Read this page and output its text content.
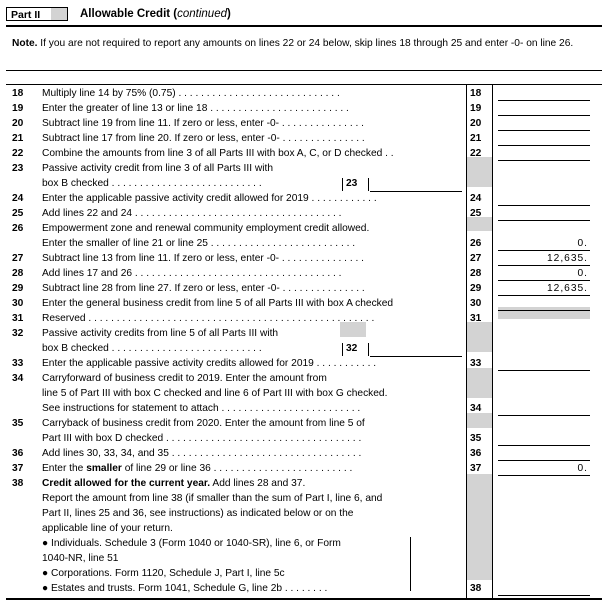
Part II	Allowable Credit (continued)
Note. If you are not required to report any amounts on lines 22 or 24 below, skip lines 18 through 25 and enter -0- on line 26.
18	Multiply line 14 by 75% (0.75) . . . . . . . . . . . . . . . . . . . . . . . . . . . . .	18
19	Enter the greater of line 13 or line 18 . . . . . . . . . . . . . . . . . . . . . . . . .	19
20	Subtract line 19 from line 11. If zero or less, enter -0- . . . . . . . . . . . . . . .	20
21	Subtract line 17 from line 20. If zero or less, enter -0- . . . . . . . . . . . . . . .	21
22	Combine the amounts from line 3 of all Parts III with box A, C, or D checked . .	22
23	Passive activity credit from line 3 of all Parts III with
box B checked . . . . . . . . . . . . . . . . . . . . . . . . . . .	23
24	Enter the applicable passive activity credit allowed for 2019 . . . . . . . . . . . .	24
25	Add lines 22 and 24 . . . . . . . . . . . . . . . . . . . . . . . . . . . . . . . . . . . . .	25
26	Empowerment zone and renewal community employment credit allowed.
Enter the smaller of line 21 or line 25 . . . . . . . . . . . . . . . . . . . . . . . . . .	26	0.
27	Subtract line 13 from line 11. If zero or less, enter -0- . . . . . . . . . . . . . . .	27	12,635.
28	Add lines 17 and 26 . . . . . . . . . . . . . . . . . . . . . . . . . . . . . . . . . . . . .	28	0.
29	Subtract line 28 from line 27. If zero or less, enter -0- . . . . . . . . . . . . . . .	29	12,635.
30	Enter the general business credit from line 5 of all Parts III with box A checked	30
31	Reserved . . . . . . . . . . . . . . . . . . . . . . . . . . . . . . . . . . . . . . . . . . . . . . . . . . .	31
32	Passive activity credits from line 5 of all Parts III with
box B checked . . . . . . . . . . . . . . . . . . . . . . . . . . .	32
33	Enter the applicable passive activity credits allowed for 2019 . . . . . . . . . . .	33
34	Carryforward of business credit to 2019. Enter the amount from
line 5 of Part III with box C checked and line 6 of Part III with box G checked.
See instructions for statement to attach . . . . . . . . . . . . . . . . . . . . . . . . .	34
35	Carryback of business credit from 2020. Enter the amount from line 5 of
Part III with box D checked . . . . . . . . . . . . . . . . . . . . . . . . . . . . . . . . . . .	35
36	Add lines 30, 33, 34, and 35 . . . . . . . . . . . . . . . . . . . . . . . . . . . . . . . . . .	36
37	Enter the smaller of line 29 or line 36 . . . . . . . . . . . . . . . . . . . . . . . . .	37	0.
38	Credit allowed for the current year. Add lines 28 and 37.
Report the amount from line 38 (if smaller than the sum of Part I, line 6, and
Part II, lines 25 and 36, see instructions) as indicated below or on the
applicable line of your return.
● Individuals. Schedule 3 (Form 1040 or 1040-SR), line 6, or Form
1040-NR, line 51
● Corporations. Form 1120, Schedule J, Part I, line 5c
● Estates and trusts. Form 1041, Schedule G, line 2b . . . . . . . .	38
